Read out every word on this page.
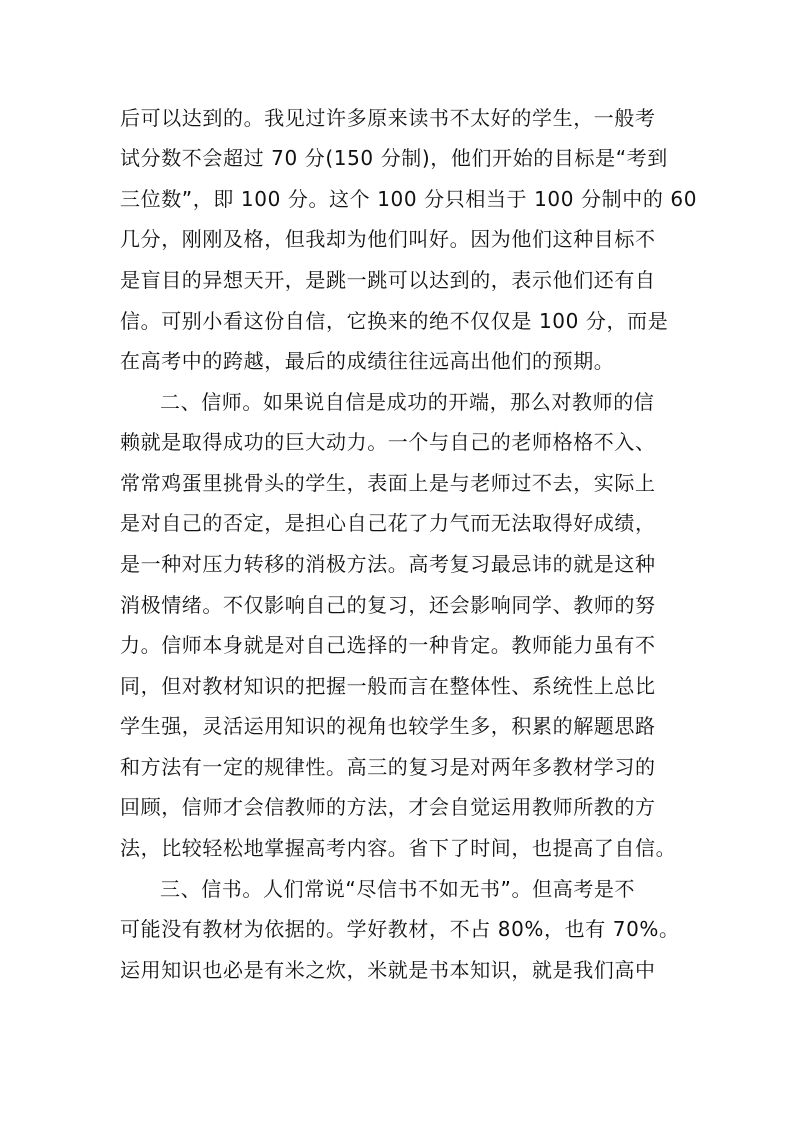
后可以达到的。我见过许多原来读书不太好的学生，一般考
试分数不会超过 70 分(150 分制)，他们开始的目标是“考到
三位数”，即 100 分。这个 100 分只相当于 100 分制中的 60
几分，刚刚及格，但我却为他们叫好。因为他们这种目标不
是盲目的异想天开，是跳一跳可以达到的，表示他们还有自
信。可别小看这份自信，它换来的绝不仅仅是 100 分，而是
在高考中的跨越，最后的成绩往往远高出他们的预期。
二、信师。如果说自信是成功的开端，那么对教师的信
赖就是取得成功的巨大动力。一个与自己的老师格格不入、
常常鸡蛋里挑骨头的学生，表面上是与老师过不去，实际上
是对自己的否定，是担心自己花了力气而无法取得好成绩，
是一种对压力转移的消极方法。高考复习最忌讳的就是这种
消极情绪。不仅影响自己的复习，还会影响同学、教师的努
力。信师本身就是对自己选择的一种肯定。教师能力虽有不
同，但对教材知识的把握一般而言在整体性、系统性上总比
学生强，灵活运用知识的视角也较学生多，积累的解题思路
和方法有一定的规律性。高三的复习是对两年多教材学习的
回顾，信师才会信教师的方法，才会自觉运用教师所教的方
法，比较轻松地掌握高考内容。省下了时间，也提高了自信。
三、信书。人们常说“尽信书不如无书”。但高考是不
可能没有教材为依据的。学好教材，不占 80%，也有 70%。
运用知识也必是有米之炊，米就是书本知识，就是我们高中
